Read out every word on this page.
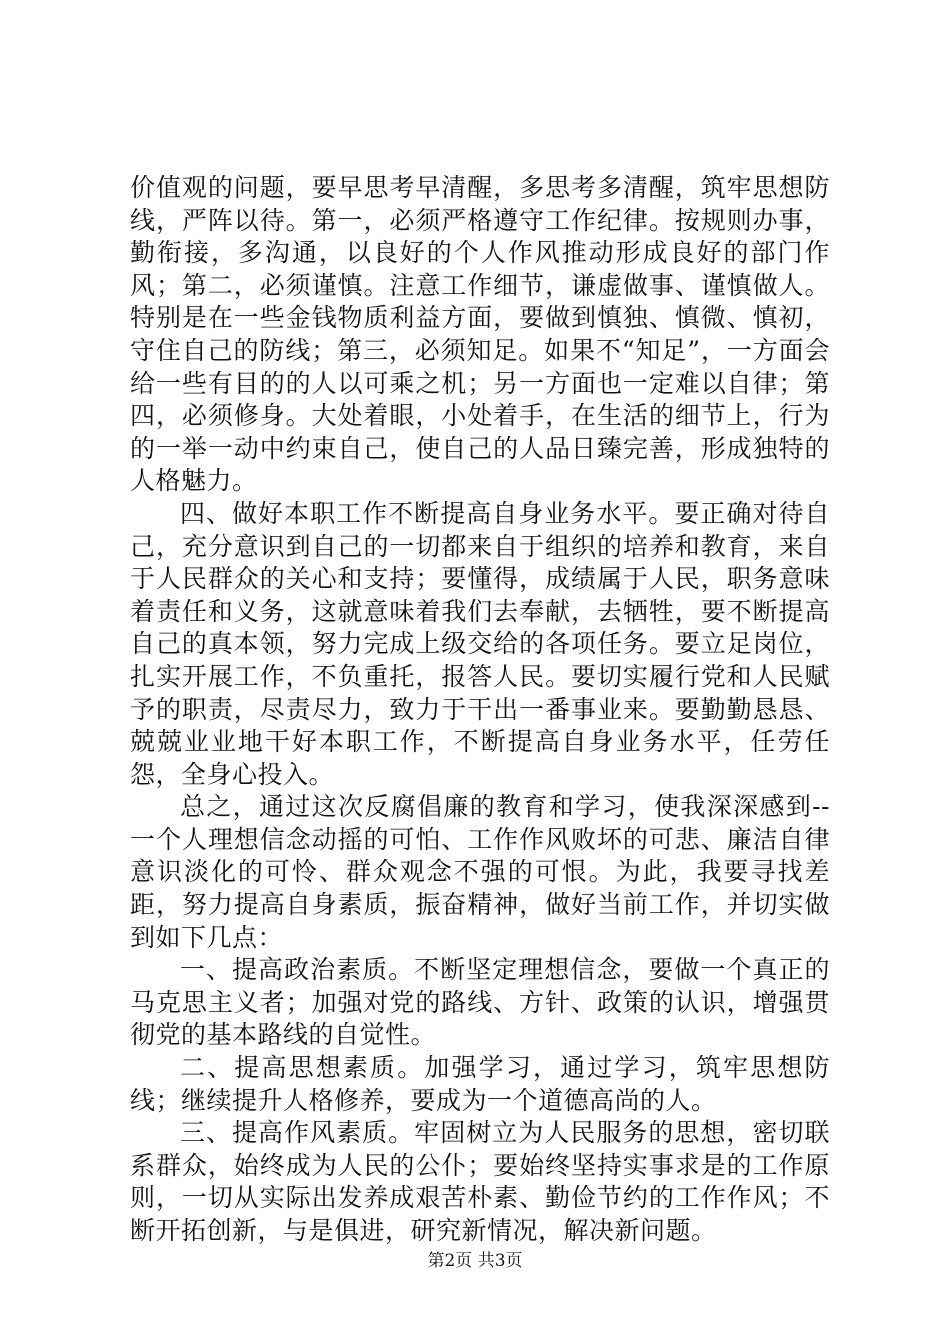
价值观的问题，要早思考早清醒，多思考多清醒，筑牢思想防线，严阵以待。第一，必须严格遵守工作纪律。按规则办事，勤衔接，多沟通，以良好的个人作风推动形成良好的部门作风；第二，必须谨慎。注意工作细节，谦虚做事、谨慎做人。特别是在一些金钱物质利益方面，要做到慎独、慎微、慎初，守住自己的防线；第三，必须知足。如果不“知足”，一方面会给一些有目的的人以可乘之机；另一方面也一定难以自律；第四，必须修身。大处着眼，小处着手，在生活的细节上，行为的一举一动中约束自己，使自己的人品日臻完善，形成独特的人格魅力。

四、做好本职工作不断提高自身业务水平。要正确对待自己，充分意识到自己的一切都来自于组织的培养和教育，来自于人民群众的关心和支持；要懂得，成绩属于人民，职务意味着责任和义务，这就意味着我们去奉献，去牺牲，要不断提高自己的真本领，努力完成上级交给的各项任务。要立足岗位，扎实开展工作，不负重托，报答人民。要切实履行党和人民赋予的职责，尽责尽力，致力于干出一番事业来。要勤勤恳恳、兢兢业业地干好本职工作，不断提高自身业务水平，任劳任怨，全身心投入。

总之，通过这次反腐倡廉的教育和学习，使我深深感到--一个人理想信念动摇的可怕、工作作风败坏的可悲、廉洁自律意识淡化的可怜、群众观念不强的可恨。为此，我要寻找差距，努力提高自身素质，振奋精神，做好当前工作，并切实做到如下几点：

一、提高政治素质。不断坚定理想信念，要做一个真正的马克思主义者；加强对党的路线、方针、政策的认识，增强贯彻党的基本路线的自觉性。

二、提高思想素质。加强学习，通过学习，筑牢思想防线；继续提升人格修养，要成为一个道德高尚的人。

三、提高作风素质。牢固树立为人民服务的思想，密切联系群众，始终成为人民的公仆；要始终坚持实事求是的工作原则，一切从实际出发养成艰苦朴素、勤俭节约的工作作风；不断开拓创新，与是俱进，研究新情况，解决新问题。

第2页 共3页
